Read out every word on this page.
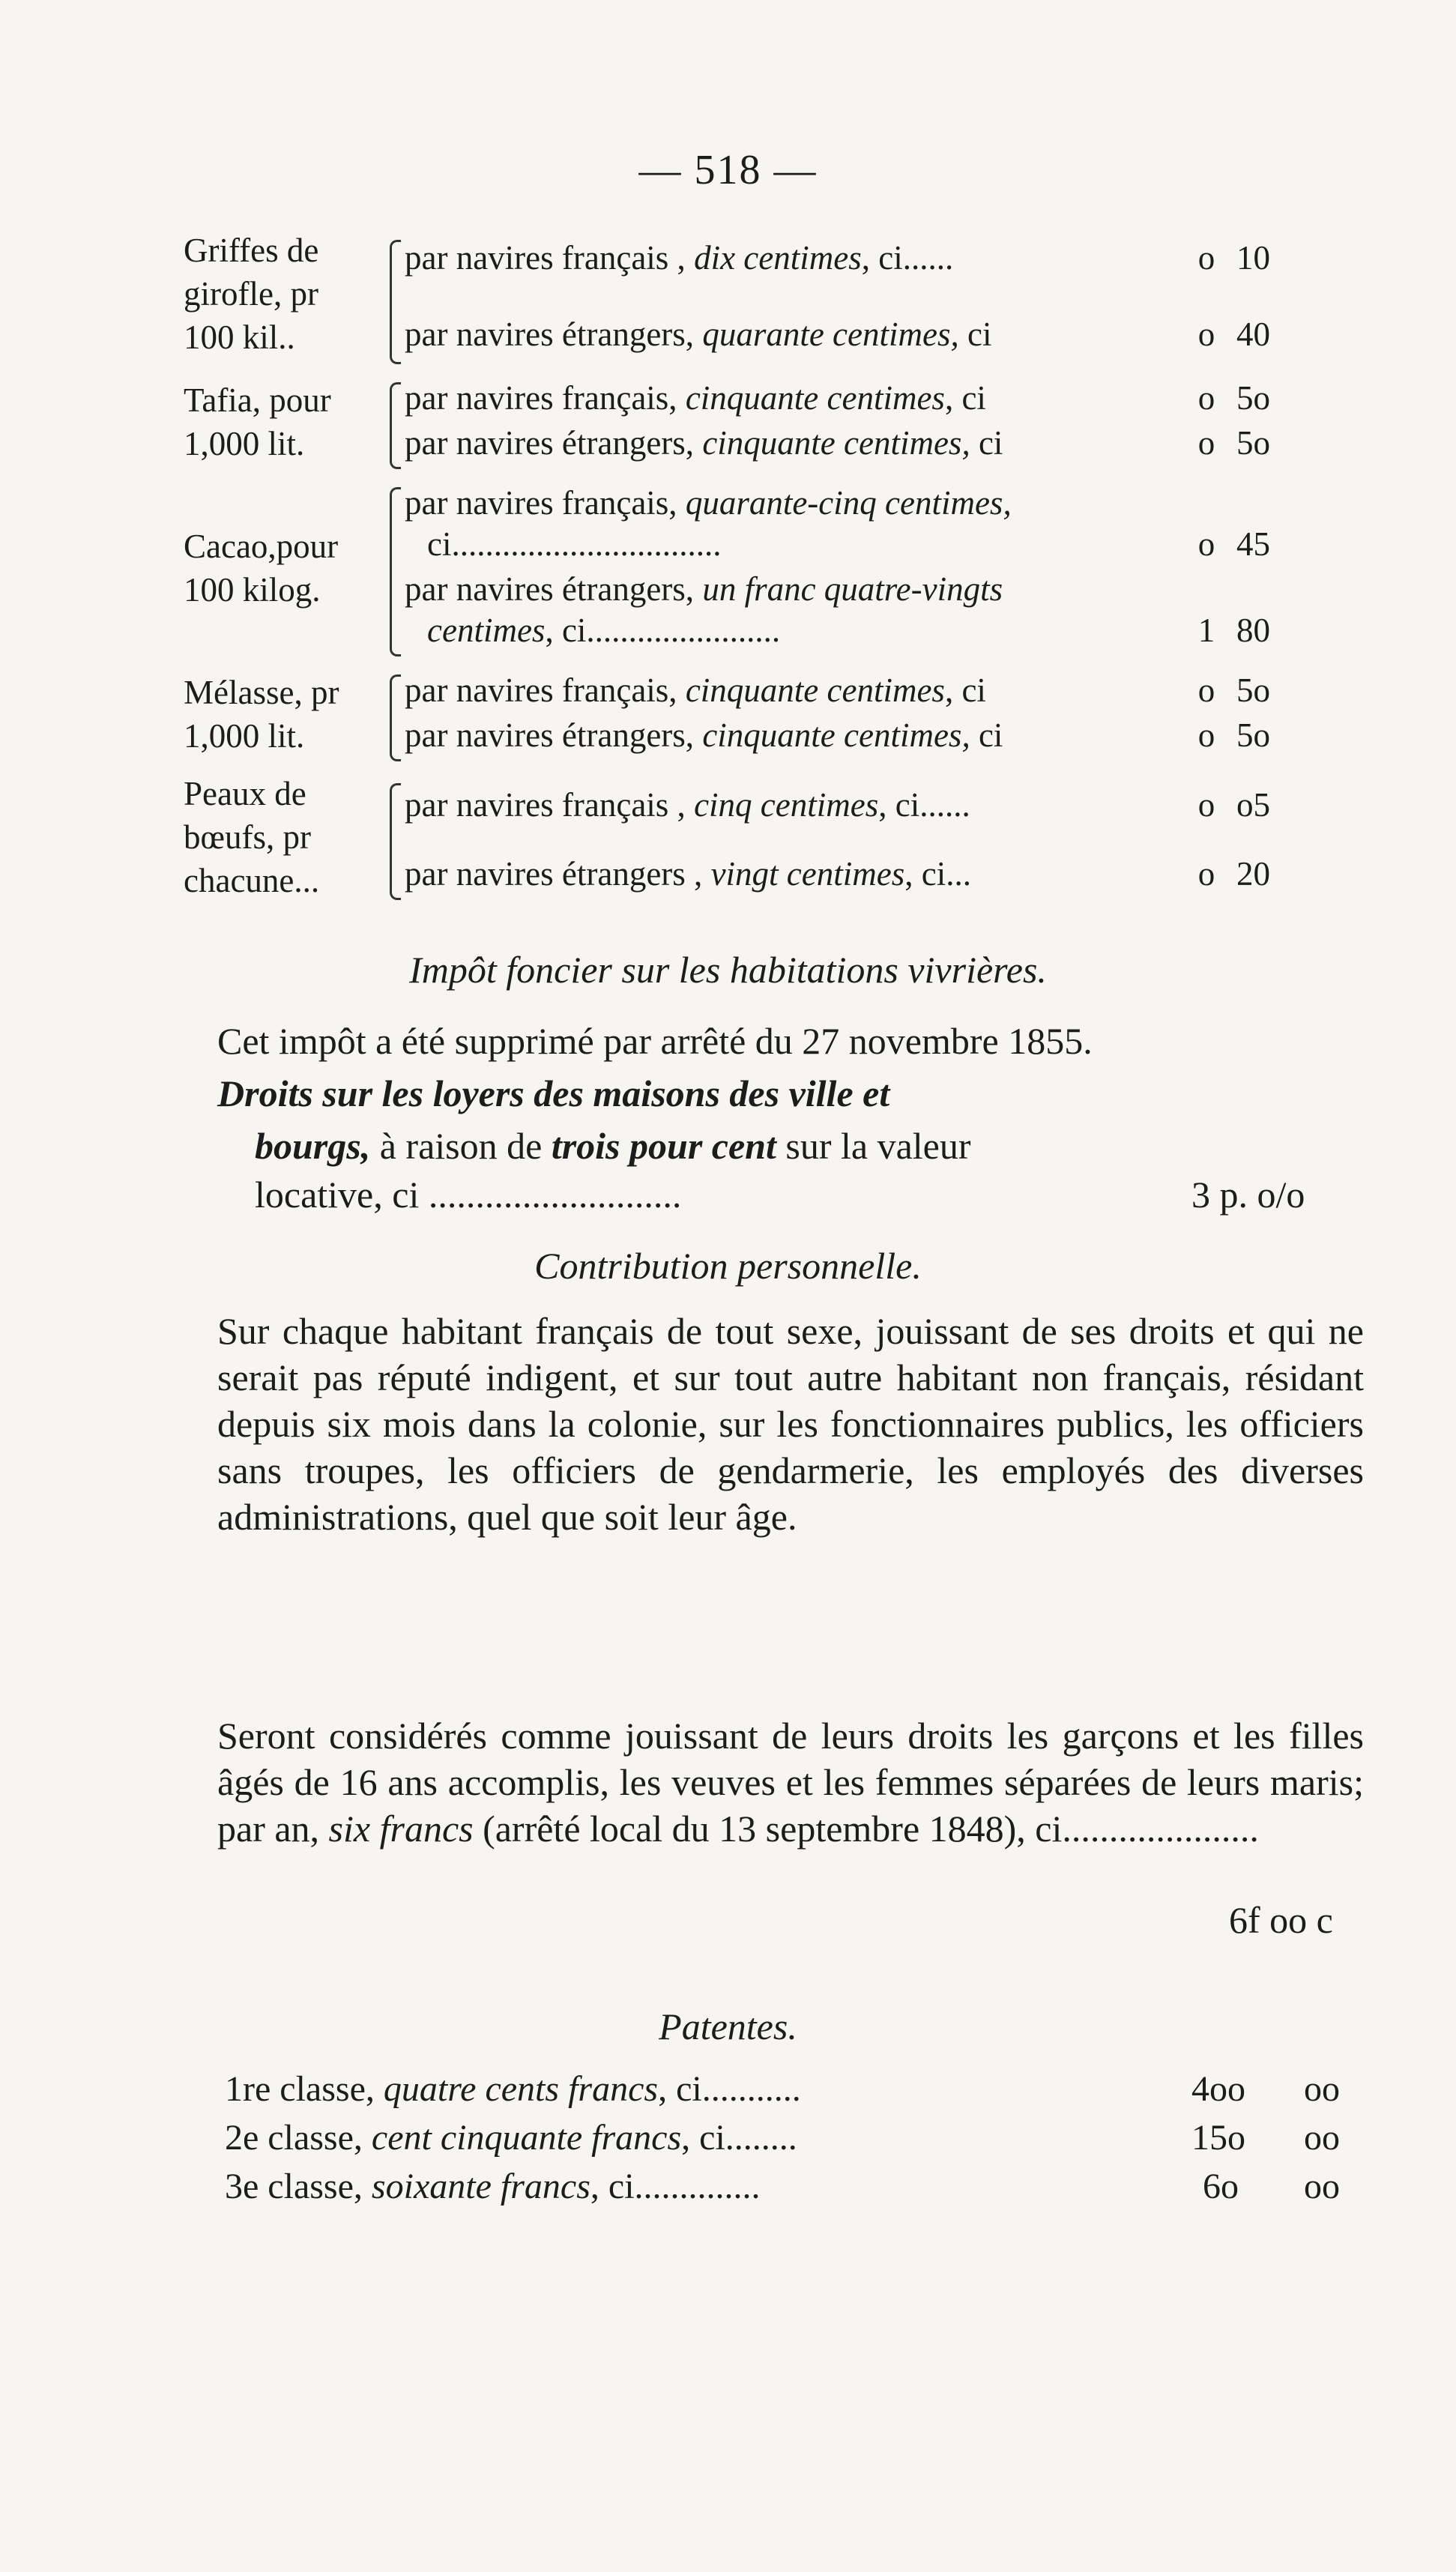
— 518 —
Griffes de
girofle, pr
100 kil..
par navires français , dix centimes, ci......	o 10
par navires étrangers, quarante centimes, ci	o 40
Tafia, pour
1,000 lit.
par navires français, cinquante centimes, ci	o 5o
par navires étrangers, cinquante centimes, ci	o 5o
Cacao,pour
100 kilog.
par navires français, quarante-cinq centimes,
ci................................	o 45
par navires étrangers, un franc quatre-vingts
centimes, ci.......................	1 80
Mélasse, pr
1,000 lit.
par navires français, cinquante centimes, ci	o 5o
par navires étrangers, cinquante centimes, ci	o 5o
Peaux de
bœufs, pr
chacune...
par navires français , cinq centimes, ci......	o o5
par navires étrangers , vingt centimes, ci...	o 20
Impôt foncier sur les habitations vivrières.
Cet impôt a été supprimé par arrêté du 27 novembre 1855.
Droits sur les loyers des maisons des ville et
bourgs, à raison de trois pour cent sur la valeur
locative, ci ...........................	3 p. o/o
Contribution personnelle.
Sur chaque habitant français de tout sexe, jouissant de ses droits et qui ne serait pas réputé indigent, et sur tout autre habitant non français, résidant depuis six mois dans la colonie, sur les fonctionnaires publics, les officiers sans troupes, les officiers de gendarmerie, les employés des diverses administrations, quel que soit leur âge.
Seront considérés comme jouissant de leurs droits les garçons et les filles âgés de 16 ans accomplis, les veuves et les femmes séparées de leurs maris; par an, six francs (arrêté local du 13 septembre 1848), ci.....................
6f oo c
Patentes.
1re classe, quatre cents francs, ci...........	4oo oo
2e classe, cent cinquante francs, ci........	15o oo
3e classe, soixante francs, ci..............	6o oo
